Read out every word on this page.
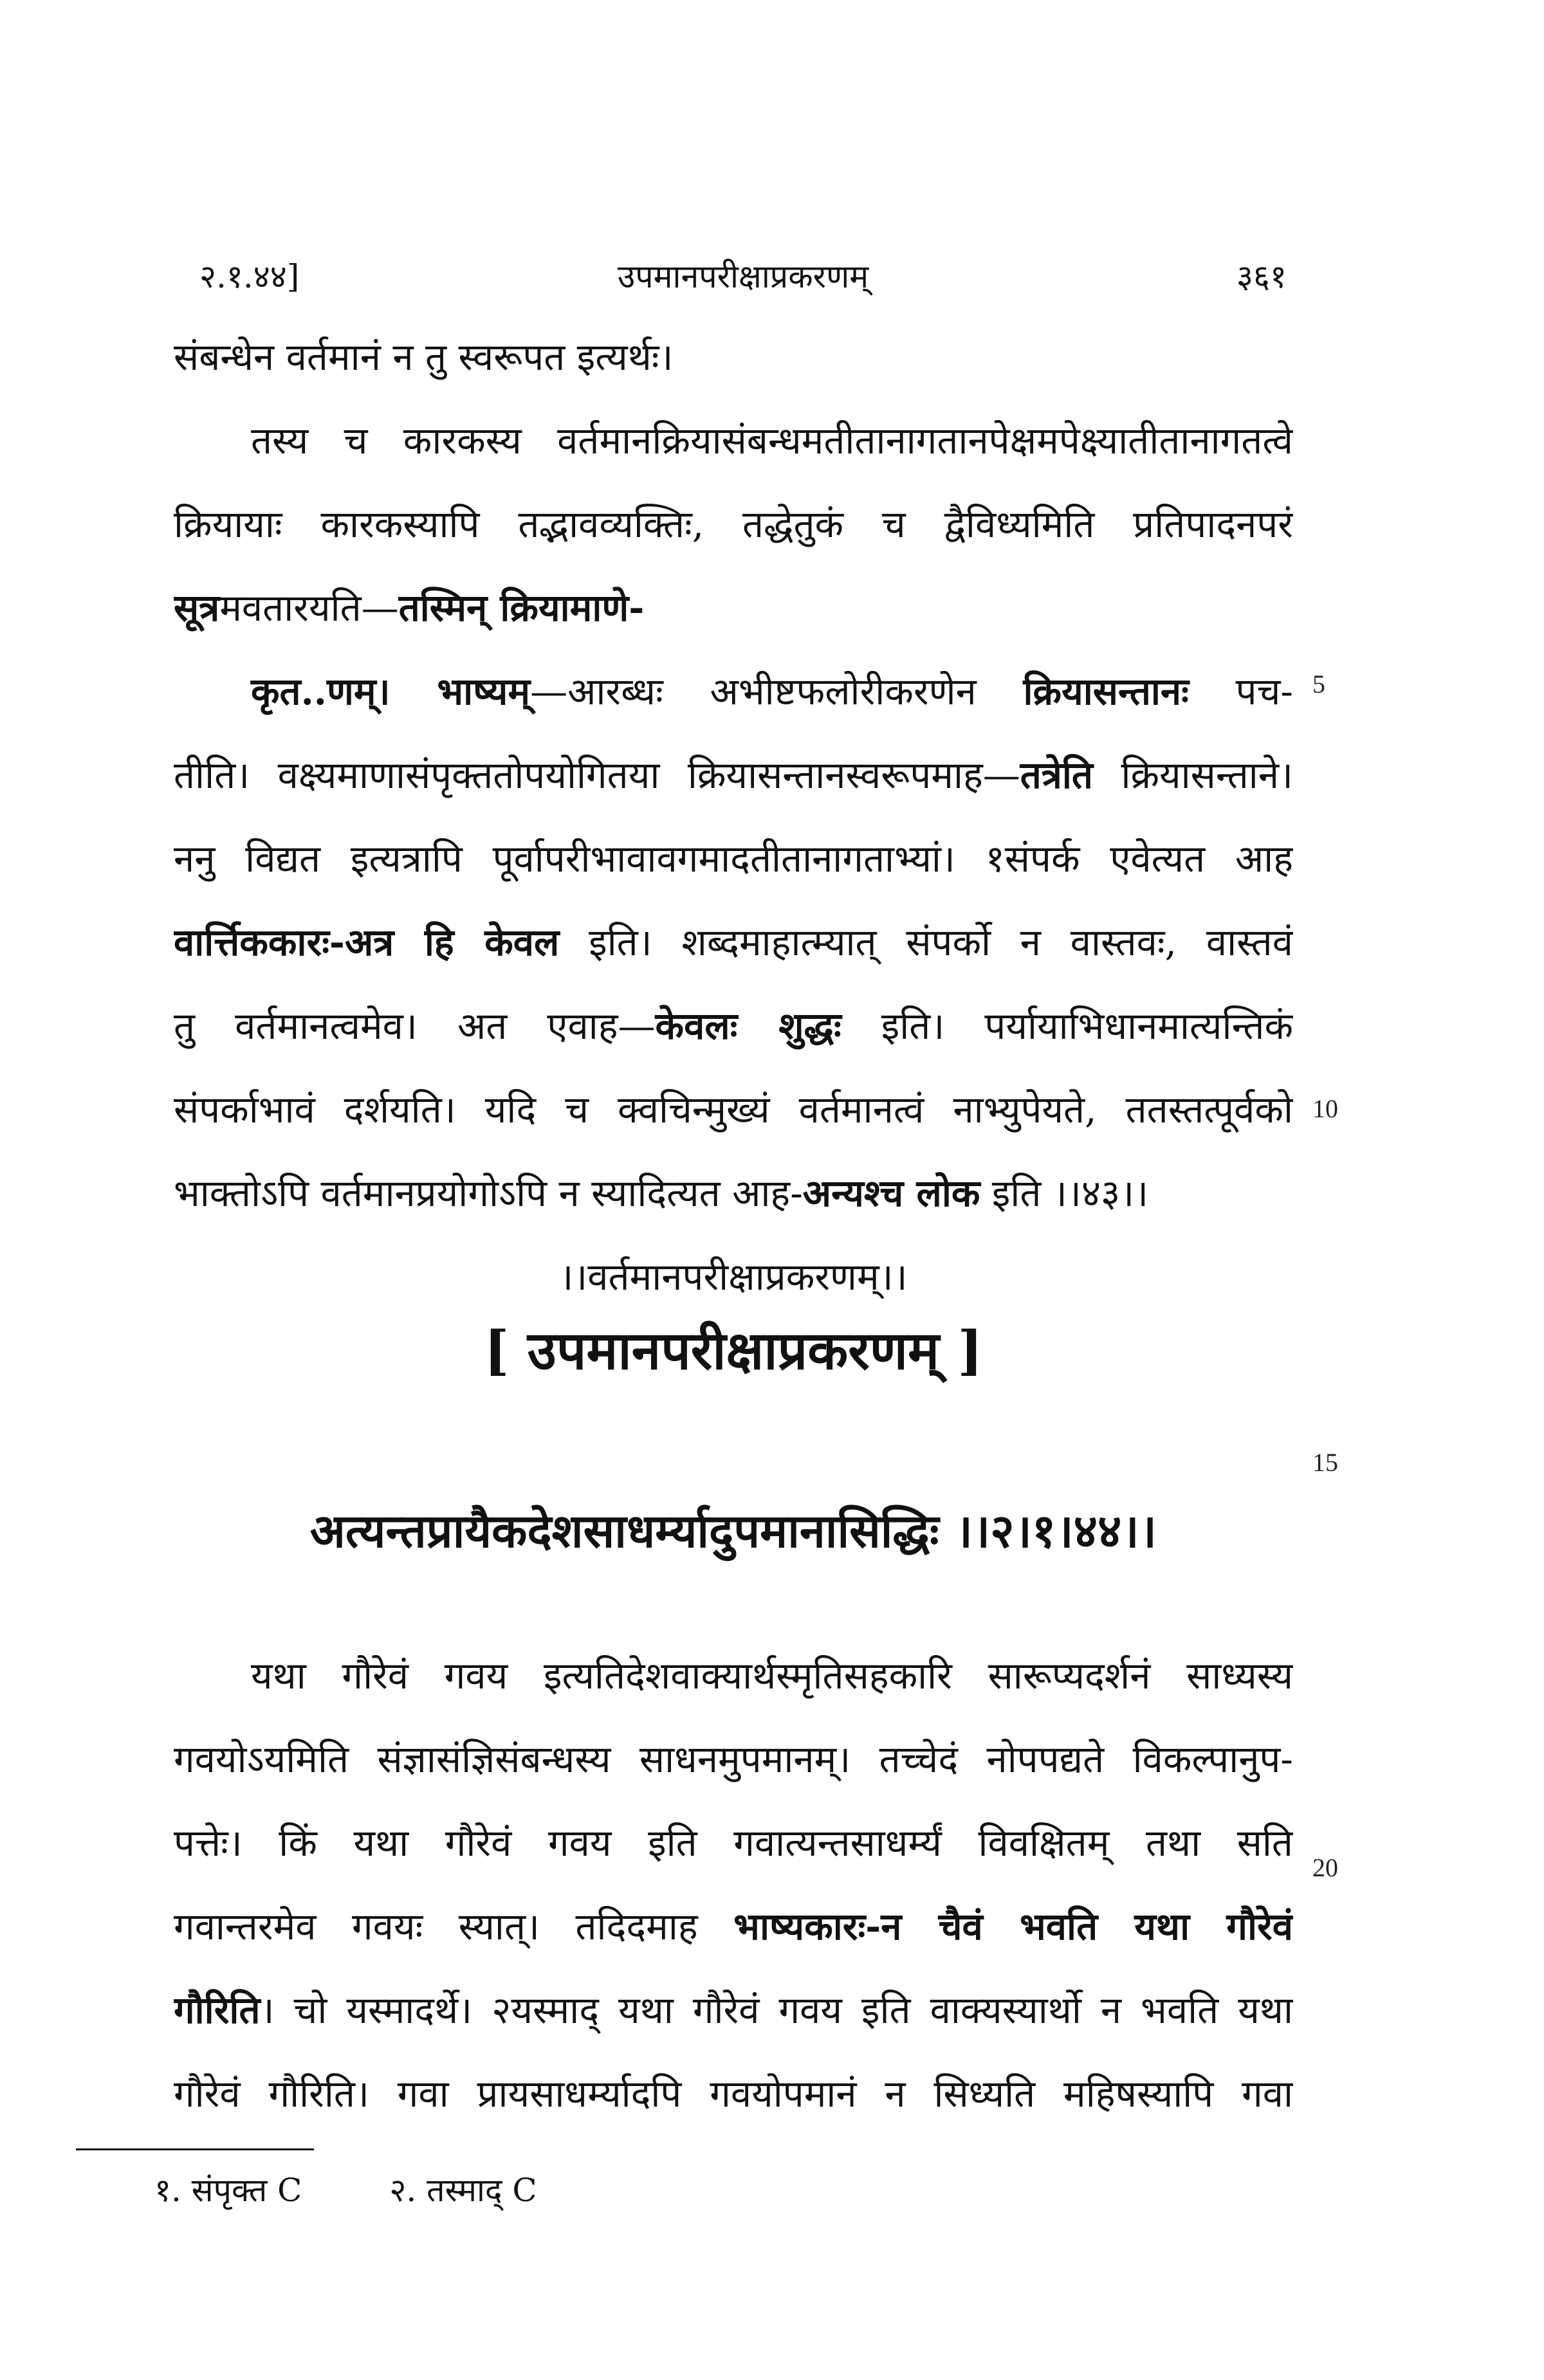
२.१.४४]	उपमानपरीक्षाप्रकरणम्	३६१
संबन्धेन वर्तमानं न तु स्वरूपत इत्यर्थः।
तस्य च कारकस्य वर्तमानक्रियासंबन्धमतीतानागतानपेक्षमपेक्ष्यातीतानागतत्वे
क्रियायाः कारकस्यापि तद्भावव्यक्तिः, तद्धेतुकं च द्वैविध्यमिति प्रतिपादनपरं
सूत्रमवतारयति—तस्मिन् क्रियामाणे-
कृत..णम्। भाष्यम्—आरब्धः अभीष्टफलोरीकरणेन क्रियासन्तानः पच-
तीति। वक्ष्यमाणासंपृक्ततोपयोगितया क्रियासन्तानस्वरूपमाह—तत्रेति क्रियासन्ताने।
ननु विद्यत इत्यत्रापि पूर्वापरीभावावगमादतीतानागताभ्यां। १संपर्क एवेत्यत आह
वार्त्तिककारः-अत्र हि केवल इति। शब्दमाहात्म्यात् संपर्को न वास्तवः, वास्तवं
तु वर्तमानत्वमेव। अत एवाह—केवलः शुद्धः इति। पर्यायाभिधानमात्यन्तिकं
संपर्काभावं दर्शयति। यदि च क्वचिन्मुख्यं वर्तमानत्वं नाभ्युपेयते, ततस्तत्पूर्वको
भाक्तोऽपि वर्तमानप्रयोगोऽपि न स्यादित्यत आह-अन्यश्च लोक इति ।।४३।।
।।वर्तमानपरीक्षाप्रकरणम्।।
[ उपमानपरीक्षाप्रकरणम् ]
अत्यन्तप्रायैकदेशसाधर्म्यादुपमानासिद्धिः ।।२।१।४४।।
यथा गौरेवं गवय इत्यतिदेशवाक्यार्थस्मृतिसहकारि सारूप्यदर्शनं साध्यस्य
गवयोऽयमिति संज्ञासंज्ञिसंबन्धस्य साधनमुपमानम्। तच्चेदं नोपपद्यते विकल्पानुप-
पत्तेः। किं यथा गौरेवं गवय इति गवात्यन्तसाधर्म्यं विवक्षितम् तथा सति
गवान्तरमेव गवयः स्यात्। तदिदमाह भाष्यकारः-न चैवं भवति यथा गौरेवं
गौरिति। चो यस्मादर्थे। २यस्माद् यथा गौरेवं गवय इति वाक्यस्यार्थो न भवति यथा
गौरेवं गौरिति। गवा प्रायसाधर्म्यादपि गवयोपमानं न सिध्यति महिषस्यापि गवा
5
10
15
20
१. संपृक्त C	२. तस्माद् C
